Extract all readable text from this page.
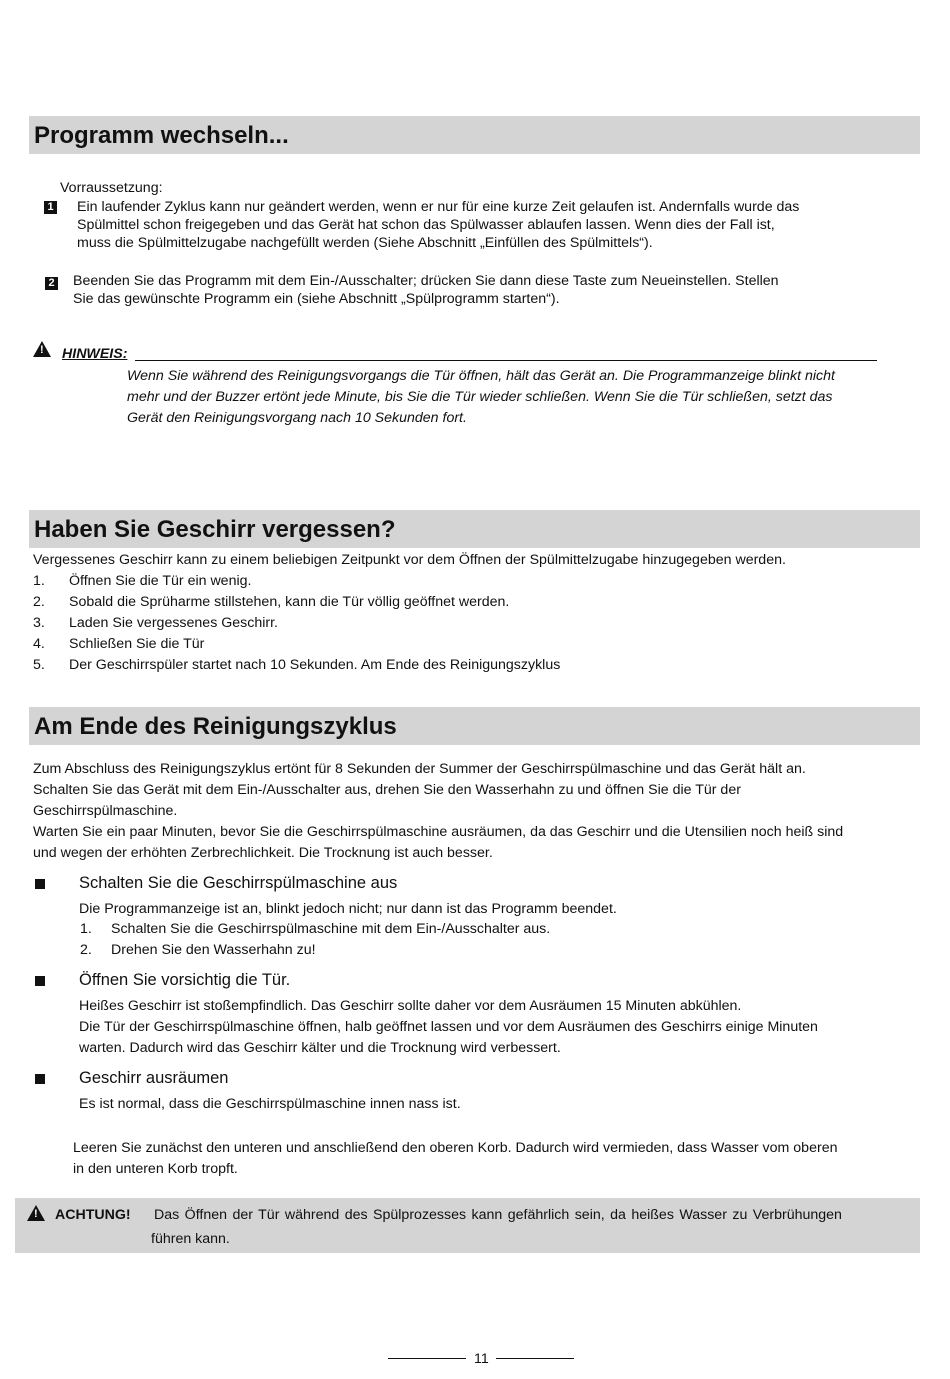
Programm wechseln...
Vorraussetzung:
1 Ein laufender Zyklus kann nur geändert werden, wenn er nur für eine kurze Zeit gelaufen ist. Andernfalls wurde das
Spülmittel schon freigegeben und das Gerät hat schon das Spülwasser ablaufen lassen. Wenn dies der Fall ist,
muss die Spülmittelzugabe nachgefüllt werden (Siehe Abschnitt „Einfüllen des Spülmittels“).
2 Beenden Sie das Programm mit dem Ein-/Ausschalter; drücken Sie dann diese Taste zum Neueinstellen. Stellen
Sie das gewünschte Programm ein (siehe Abschnitt „Spülprogramm starten“).
! HINWEIS:
Wenn Sie während des Reinigungsvorgangs die Tür öffnen, hält das Gerät an. Die Programmanzeige blinkt nicht
mehr und der Buzzer ertönt jede Minute, bis Sie die Tür wieder schließen. Wenn Sie die Tür schließen, setzt das
Gerät den Reinigungsvorgang nach 10 Sekunden fort.
Haben Sie Geschirr vergessen?
Vergessenes Geschirr kann zu einem beliebigen Zeitpunkt vor dem Öffnen der Spülmittelzugabe hinzugegeben werden.
1. Öffnen Sie die Tür ein wenig.
2. Sobald die Sprüharme stillstehen, kann die Tür völlig geöffnet werden.
3. Laden Sie vergessenes Geschirr.
4. Schließen Sie die Tür
5. Der Geschirrspüler startet nach 10 Sekunden. Am Ende des Reinigungszyklus
Am Ende des Reinigungszyklus
Zum Abschluss des Reinigungszyklus ertönt für 8 Sekunden der Summer der Geschirrspülmaschine und das Gerät hält an.
Schalten Sie das Gerät mit dem Ein-/Ausschalter aus, drehen Sie den Wasserhahn zu und öffnen Sie die Tür der
Geschirrspülmaschine.
Warten Sie ein paar Minuten, bevor Sie die Geschirrspülmaschine ausräumen, da das Geschirr und die Utensilien noch heiß sind
und wegen der erhöhten Zerbrechlichkeit. Die Trocknung ist auch besser.
Schalten Sie die Geschirrspülmaschine aus
Die Programmanzeige ist an, blinkt jedoch nicht; nur dann ist das Programm beendet.
1. Schalten Sie die Geschirrspülmaschine mit dem Ein-/Ausschalter aus.
2. Drehen Sie den Wasserhahn zu!
Öffnen Sie vorsichtig die Tür.
Heißes Geschirr ist stoßempfindlich. Das Geschirr sollte daher vor dem Ausräumen 15 Minuten abkühlen.
Die Tür der Geschirrspülmaschine öffnen, halb geöffnet lassen und vor dem Ausräumen des Geschirrs einige Minuten
warten. Dadurch wird das Geschirr kälter und die Trocknung wird verbessert.
Geschirr ausräumen
Es ist normal, dass die Geschirrspülmaschine innen nass ist.
Leeren Sie zunächst den unteren und anschließend den oberen Korb. Dadurch wird vermieden, dass Wasser vom oberen
in den unteren Korb tropft.
! ACHTUNG! Das Öffnen der Tür während des Spülprozesses kann gefährlich sein, da heißes Wasser zu Verbrühungen
führen kann.
11
